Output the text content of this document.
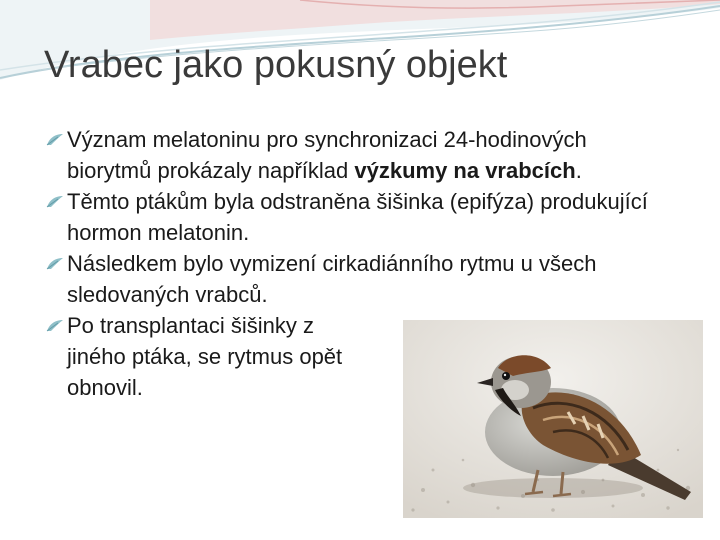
Vrabec jako pokusný objekt
Význam melatoninu pro synchronizaci 24-hodinových biorytmů prokázaly například výzkumy na vrabcích.
Těmto ptákům byla odstraněna šišinka (epifýza) produkující hormon melatonin.
Následkem bylo vymizení cirkadiánního rytmu u všech sledovaných vrabců.
Po transplantaci šišinky z jiného ptáka, se rytmus opět obnovil.
